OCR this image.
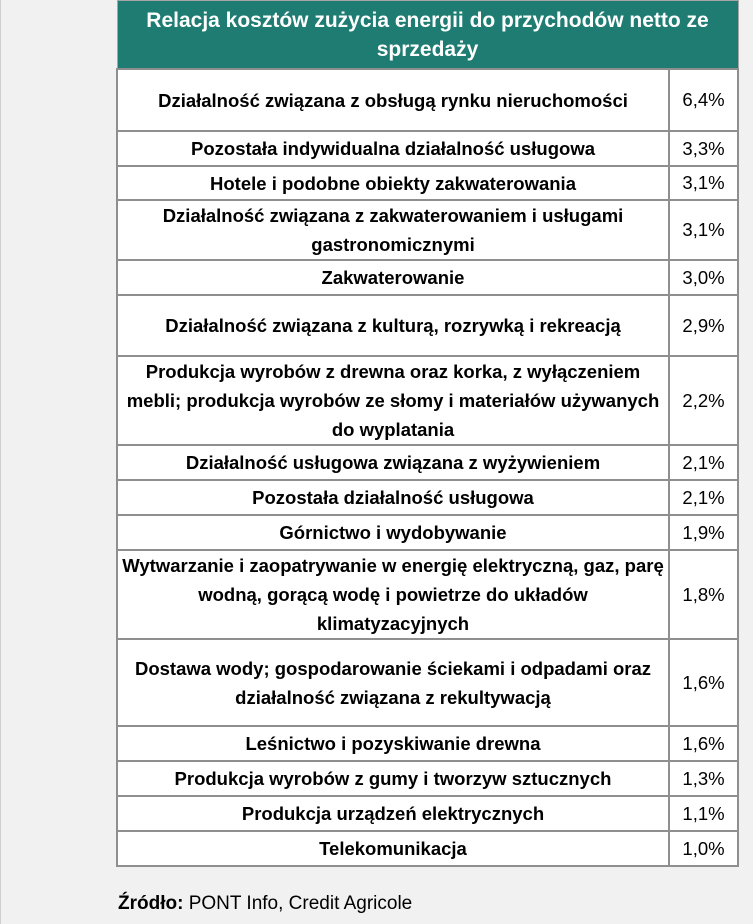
Relacja kosztów zużycia energii do przychodów netto ze sprzedaży	
Działalność związana z obsługą rynku nieruchomości	6,4%
Pozostała indywidualna działalność usługowa	3,3%
Hotele i podobne obiekty zakwaterowania	3,1%
Działalność związana z zakwaterowaniem i usługami gastronomicznymi	3,1%
Zakwaterowanie	3,0%
Działalność związana z kulturą, rozrywką i rekreacją	2,9%
Produkcja wyrobów z drewna oraz korka, z wyłączeniem mebli; produkcja wyrobów ze słomy i materiałów używanych do wyplatania	2,2%
Działalność usługowa związana z wyżywieniem	2,1%
Pozostała działalność usługowa	2,1%
Górnictwo i wydobywanie	1,9%
Wytwarzanie i zaopatrywanie w energię elektryczną, gaz, parę wodną, gorącą wodę i powietrze do układów klimatyzacyjnych	1,8%
Dostawa wody; gospodarowanie ściekami i odpadami oraz działalność związana z rekultywacją	1,6%
Leśnictwo i pozyskiwanie drewna	1,6%
Produkcja wyrobów z gumy i tworzyw sztucznych	1,3%
Produkcja urządzeń elektrycznych	1,1%
Telekomunikacja	1,0%
Źródło: PONT Info, Credit Agricole
